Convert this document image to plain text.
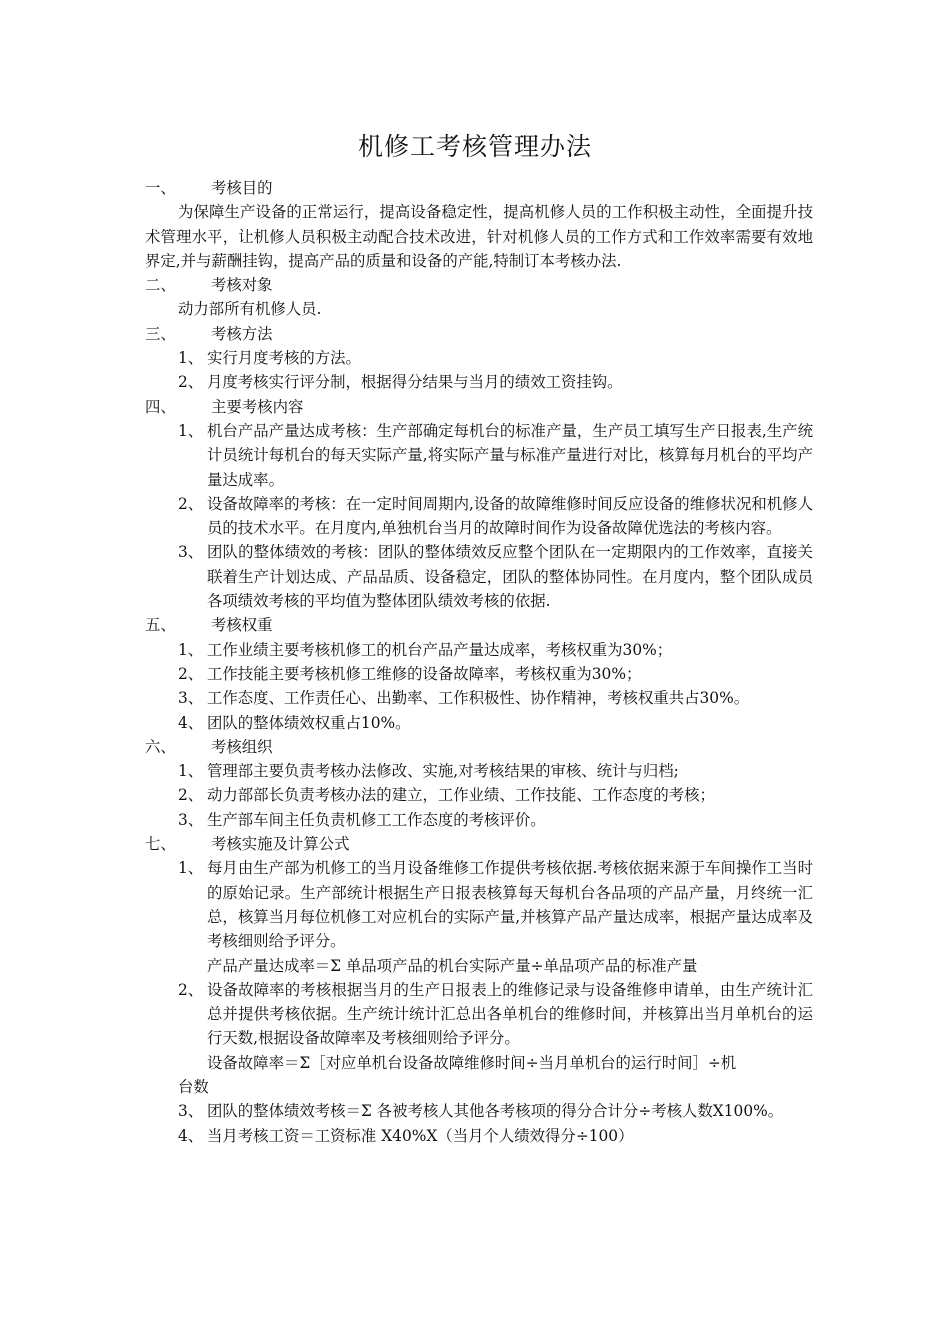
机修工考核管理办法
一、 考核目的
为保障生产设备的正常运行，提高设备稳定性，提高机修人员的工作积极主动性，全面提升技术管理水平，让机修人员积极主动配合技术改进，针对机修人员的工作方式和工作效率需要有效地界定,并与薪酬挂钩，提高产品的质量和设备的产能,特制订本考核办法.
二、 考核对象
动力部所有机修人员.
三、 考核方法
1、 实行月度考核的方法。
2、 月度考核实行评分制，根据得分结果与当月的绩效工资挂钩。
四、 主要考核内容
1、 机台产品产量达成考核：生产部确定每机台的标准产量，生产员工填写生产日报表,生产统计员统计每机台的每天实际产量,将实际产量与标准产量进行对比，核算每月机台的平均产量达成率。
2、 设备故障率的考核：在一定时间周期内,设备的故障维修时间反应设备的维修状况和机修人员的技术水平。在月度内,单独机台当月的故障时间作为设备故障优选法的考核内容。
3、 团队的整体绩效的考核：团队的整体绩效反应整个团队在一定期限内的工作效率，直接关联着生产计划达成、产品品质、设备稳定，团队的整体协同性。在月度内，整个团队成员各项绩效考核的平均值为整体团队绩效考核的依据.
五、 考核权重
1、 工作业绩主要考核机修工的机台产品产量达成率，考核权重为30%；
2、 工作技能主要考核机修工维修的设备故障率，考核权重为30%；
3、 工作态度、工作责任心、出勤率、工作积极性、协作精神，考核权重共占30%。
4、 团队的整体绩效权重占10%。
六、 考核组织
1、 管理部主要负责考核办法修改、实施,对考核结果的审核、统计与归档;
2、 动力部部长负责考核办法的建立，工作业绩、工作技能、工作态度的考核；
3、 生产部车间主任负责机修工工作态度的考核评价。
七、 考核实施及计算公式
1、 每月由生产部为机修工的当月设备维修工作提供考核依据.考核依据来源于车间操作工当时的原始记录。生产部统计根据生产日报表核算每天每机台各品项的产品产量，月终统一汇总，核算当月每位机修工对应机台的实际产量,并核算产品产量达成率，根据产量达成率及考核细则给予评分。
产品产量达成率＝Σ 单品项产品的机台实际产量÷单品项产品的标准产量
2、 设备故障率的考核根据当月的生产日报表上的维修记录与设备维修申请单，由生产统计汇总并提供考核依据。生产统计统计汇总出各单机台的维修时间，并核算出当月单机台的运行天数,根据设备故障率及考核细则给予评分。
设备故障率＝Σ［对应单机台设备故障维修时间÷当月单机台的运行时间］÷机
台数
3、 团队的整体绩效考核＝Σ 各被考核人其他各考核项的得分合计分÷考核人数X100%。
4、 当月考核工资＝工资标准 X40%X（当月个人绩效得分÷100）
